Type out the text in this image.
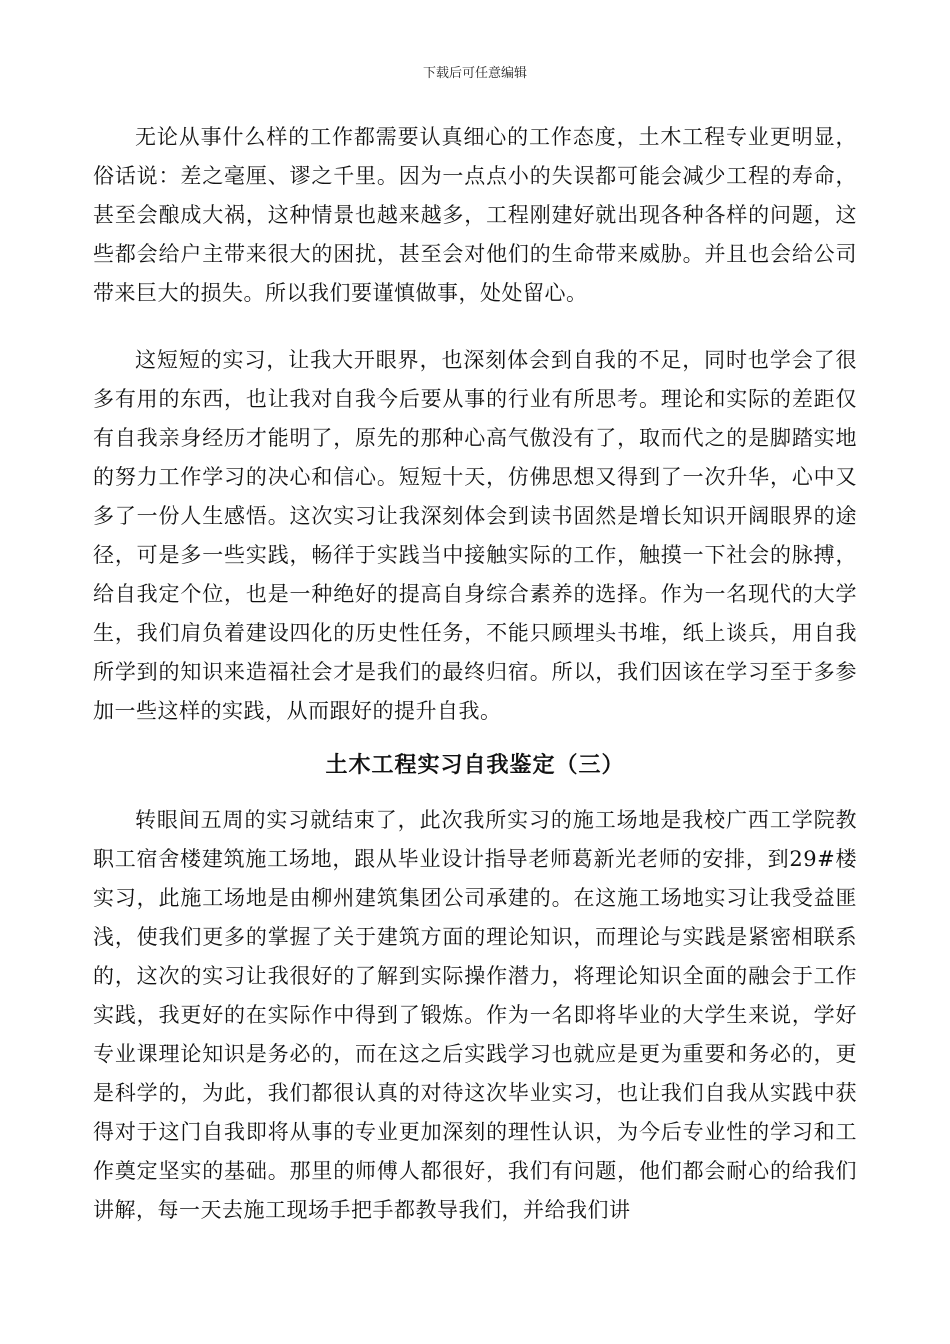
下载后可任意编辑

无论从事什么样的工作都需要认真细心的工作态度，土木工程专业更明显，俗话说：差之毫厘、谬之千里。因为一点点小的失误都可能会减少工程的寿命，甚至会酿成大祸，这种情景也越来越多，工程刚建好就出现各种各样的问题，这些都会给户主带来很大的困扰，甚至会对他们的生命带来威胁。并且也会给公司带来巨大的损失。所以我们要谨慎做事，处处留心。

这短短的实习，让我大开眼界，也深刻体会到自我的不足，同时也学会了很多有用的东西，也让我对自我今后要从事的行业有所思考。理论和实际的差距仅有自我亲身经历才能明了，原先的那种心高气傲没有了，取而代之的是脚踏实地的努力工作学习的决心和信心。短短十天，仿佛思想又得到了一次升华，心中又多了一份人生感悟。这次实习让我深刻体会到读书固然是增长知识开阔眼界的途径，可是多一些实践，畅徉于实践当中接触实际的工作，触摸一下社会的脉搏，给自我定个位，也是一种绝好的提高自身综合素养的选择。作为一名现代的大学生，我们肩负着建设四化的历史性任务，不能只顾埋头书堆，纸上谈兵，用自我所学到的知识来造福社会才是我们的最终归宿。所以，我们因该在学习至于多参加一些这样的实践，从而跟好的提升自我。

土木工程实习自我鉴定（三）

转眼间五周的实习就结束了，此次我所实习的施工场地是我校广西工学院教职工宿舍楼建筑施工场地，跟从毕业设计指导老师葛新光老师的安排，到29#楼实习，此施工场地是由柳州建筑集团公司承建的。在这施工场地实习让我受益匪浅，使我们更多的掌握了关于建筑方面的理论知识，而理论与实践是紧密相联系的，这次的实习让我很好的了解到实际操作潜力，将理论知识全面的融会于工作实践，我更好的在实际作中得到了锻炼。作为一名即将毕业的大学生来说，学好专业课理论知识是务必的，而在这之后实践学习也就应是更为重要和务必的，更是科学的，为此，我们都很认真的对待这次毕业实习，也让我们自我从实践中获得对于这门自我即将从事的专业更加深刻的理性认识，为今后专业性的学习和工作奠定坚实的基础。那里的师傅人都很好，我们有问题，他们都会耐心的给我们讲解，每一天去施工现场手把手都教导我们，并给我们讲
